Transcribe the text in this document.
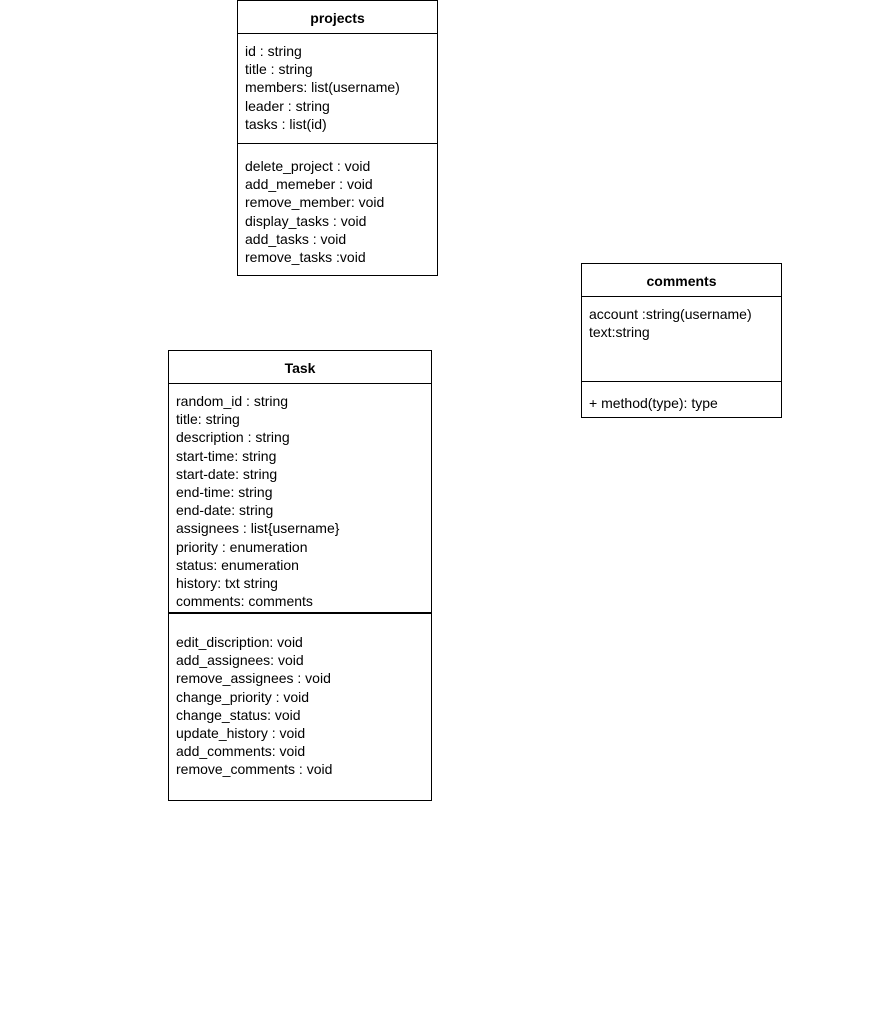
projects
id : string
title : string
members: list(username)
leader : string
tasks : list(id)
delete_project : void
add_memeber : void
remove_member: void
display_tasks : void
add_tasks : void
remove_tasks :void
comments
account :string(username)
text:string
+ method(type): type
Task
random_id : string
title: string
description : string
start-time: string
start-date: string
end-time: string
end-date: string
assignees : list{username}
priority : enumeration
status: enumeration
history: txt string
comments: comments
edit_discription: void
add_assignees: void
remove_assignees : void
change_priority : void
change_status: void
update_history : void
add_comments: void
remove_comments : void
